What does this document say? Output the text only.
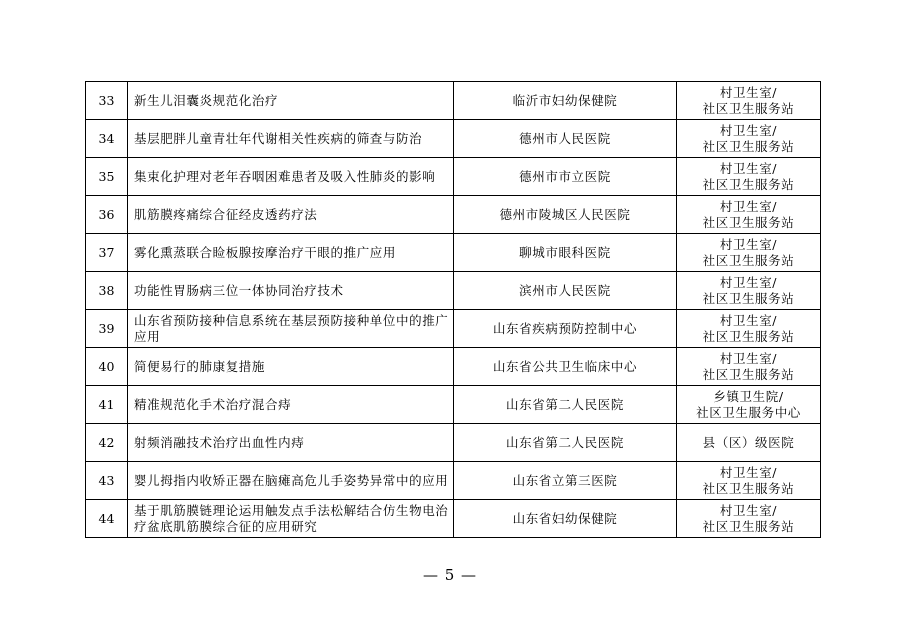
33	新生儿泪囊炎规范化治疗	临沂市妇幼保健院	村卫生室/
社区卫生服务站
34	基层肥胖儿童青壮年代谢相关性疾病的筛查与防治	德州市人民医院	村卫生室/
社区卫生服务站
35	集束化护理对老年吞咽困难患者及吸入性肺炎的影响	德州市市立医院	村卫生室/
社区卫生服务站
36	肌筋膜疼痛综合征经皮透药疗法	德州市陵城区人民医院	村卫生室/
社区卫生服务站
37	雾化熏蒸联合睑板腺按摩治疗干眼的推广应用	聊城市眼科医院	村卫生室/
社区卫生服务站
38	功能性胃肠病三位一体协同治疗技术	滨州市人民医院	村卫生室/
社区卫生服务站
39	山东省预防接种信息系统在基层预防接种单位中的推广应用	山东省疾病预防控制中心	村卫生室/
社区卫生服务站
40	简便易行的肺康复措施	山东省公共卫生临床中心	村卫生室/
社区卫生服务站
41	精准规范化手术治疗混合痔	山东省第二人民医院	乡镇卫生院/
社区卫生服务中心
42	射频消融技术治疗出血性内痔	山东省第二人民医院	县（区）级医院
43	婴儿拇指内收矫正器在脑瘫高危儿手姿势异常中的应用	山东省立第三医院	村卫生室/
社区卫生服务站
44	基于肌筋膜链理论运用触发点手法松解结合仿生物电治疗盆底肌筋膜综合征的应用研究	山东省妇幼保健院	村卫生室/
社区卫生服务站
— 5 —
